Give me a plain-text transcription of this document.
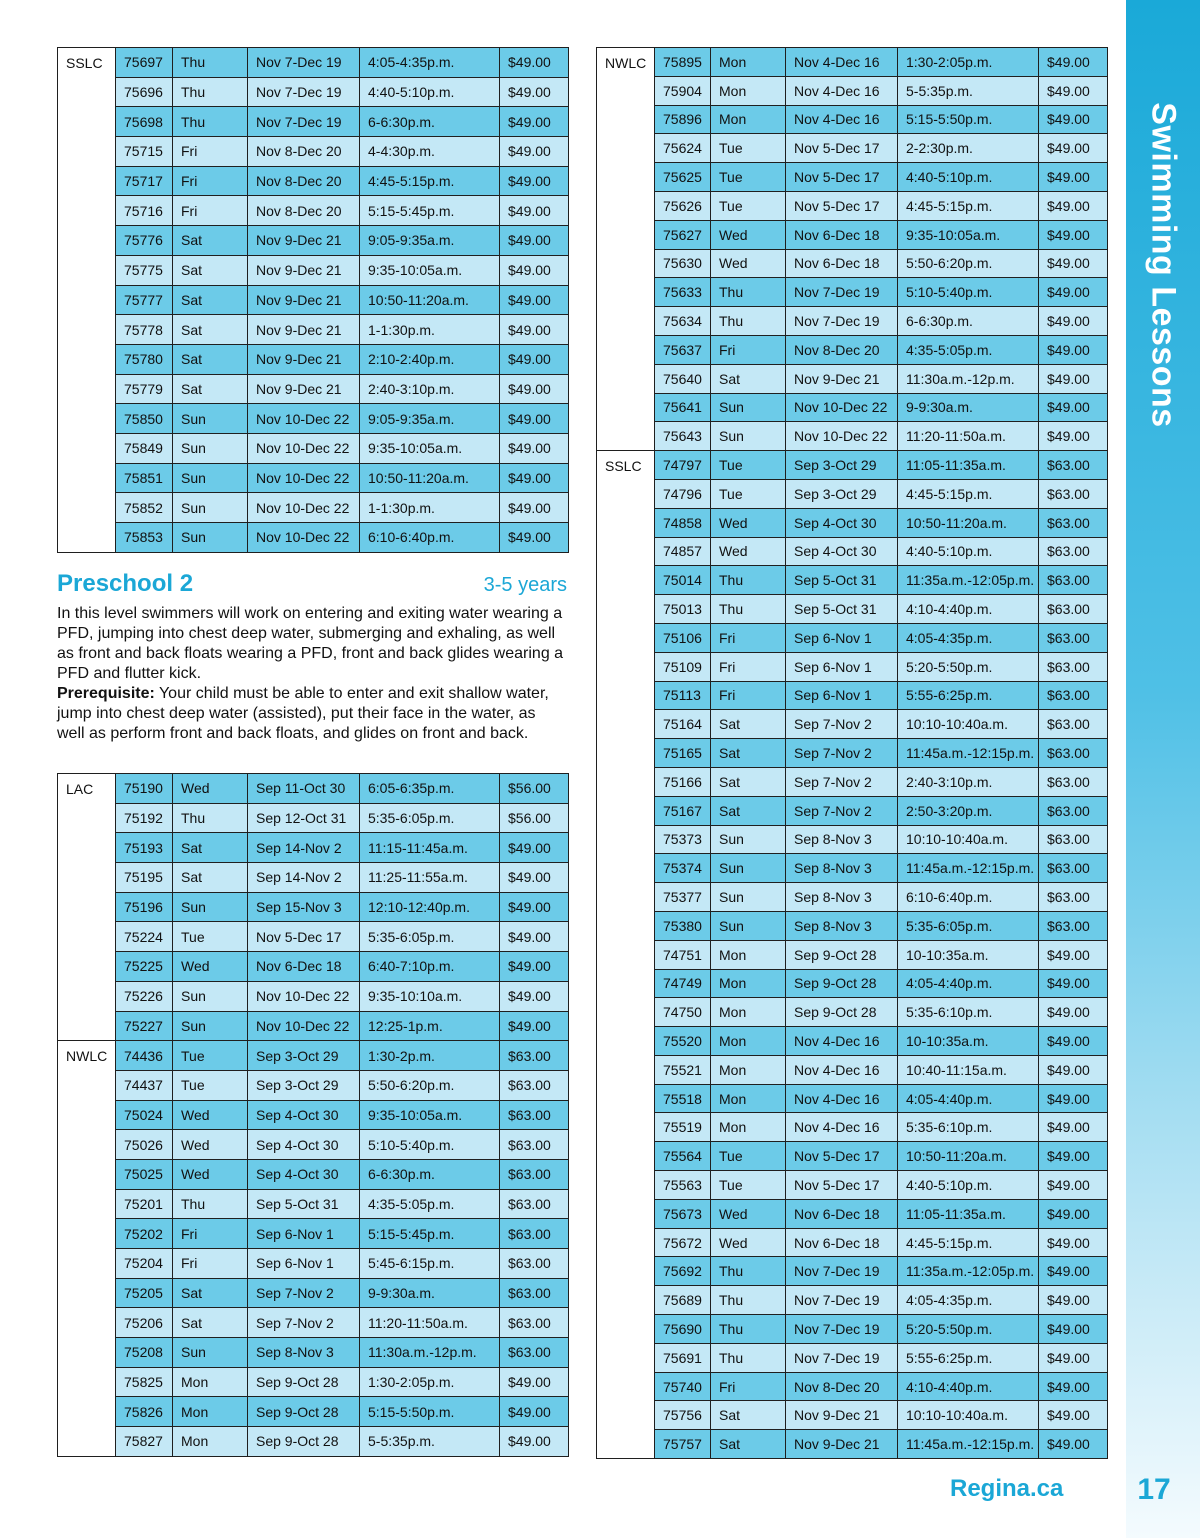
Swimming Lessons
SSLC	75697	Thu	Nov 7-Dec 19	4:05-4:35p.m.	$49.00
	75696	Thu	Nov 7-Dec 19	4:40-5:10p.m.	$49.00
	75698	Thu	Nov 7-Dec 19	6-6:30p.m.	$49.00
	75715	Fri	Nov 8-Dec 20	4-4:30p.m.	$49.00
	75717	Fri	Nov 8-Dec 20	4:45-5:15p.m.	$49.00
	75716	Fri	Nov 8-Dec 20	5:15-5:45p.m.	$49.00
	75776	Sat	Nov 9-Dec 21	9:05-9:35a.m.	$49.00
	75775	Sat	Nov 9-Dec 21	9:35-10:05a.m.	$49.00
	75777	Sat	Nov 9-Dec 21	10:50-11:20a.m.	$49.00
	75778	Sat	Nov 9-Dec 21	1-1:30p.m.	$49.00
	75780	Sat	Nov 9-Dec 21	2:10-2:40p.m.	$49.00
	75779	Sat	Nov 9-Dec 21	2:40-3:10p.m.	$49.00
	75850	Sun	Nov 10-Dec 22	9:05-9:35a.m.	$49.00
	75849	Sun	Nov 10-Dec 22	9:35-10:05a.m.	$49.00
	75851	Sun	Nov 10-Dec 22	10:50-11:20a.m.	$49.00
	75852	Sun	Nov 10-Dec 22	1-1:30p.m.	$49.00
	75853	Sun	Nov 10-Dec 22	6:10-6:40p.m.	$49.00
Preschool 2	3-5 years

In this level swimmers will work on entering and exiting water wearing a PFD, jumping into chest deep water, submerging and exhaling, as well as front and back floats wearing a PFD, front and back glides wearing a PFD and flutter kick.
Prerequisite: Your child must be able to enter and exit shallow water, jump into chest deep water (assisted), put their face in the water, as well as perform front and back floats, and glides on front and back.

LAC	75190	Wed	Sep 11-Oct 30	6:05-6:35p.m.	$56.00
	75192	Thu	Sep 12-Oct 31	5:35-6:05p.m.	$56.00
	75193	Sat	Sep 14-Nov 2	11:15-11:45a.m.	$49.00
	75195	Sat	Sep 14-Nov 2	11:25-11:55a.m.	$49.00
	75196	Sun	Sep 15-Nov 3	12:10-12:40p.m.	$49.00
	75224	Tue	Nov 5-Dec 17	5:35-6:05p.m.	$49.00
	75225	Wed	Nov 6-Dec 18	6:40-7:10p.m.	$49.00
	75226	Sun	Nov 10-Dec 22	9:35-10:10a.m.	$49.00
	75227	Sun	Nov 10-Dec 22	12:25-1p.m.	$49.00
NWLC	74436	Tue	Sep 3-Oct 29	1:30-2p.m.	$63.00
	74437	Tue	Sep 3-Oct 29	5:50-6:20p.m.	$63.00
	75024	Wed	Sep 4-Oct 30	9:35-10:05a.m.	$63.00
	75026	Wed	Sep 4-Oct 30	5:10-5:40p.m.	$63.00
	75025	Wed	Sep 4-Oct 30	6-6:30p.m.	$63.00
	75201	Thu	Sep 5-Oct 31	4:35-5:05p.m.	$63.00
	75202	Fri	Sep 6-Nov 1	5:15-5:45p.m.	$63.00
	75204	Fri	Sep 6-Nov 1	5:45-6:15p.m.	$63.00
	75205	Sat	Sep 7-Nov 2	9-9:30a.m.	$63.00
	75206	Sat	Sep 7-Nov 2	11:20-11:50a.m.	$63.00
	75208	Sun	Sep 8-Nov 3	11:30a.m.-12p.m.	$63.00
	75825	Mon	Sep 9-Oct 28	1:30-2:05p.m.	$49.00
	75826	Mon	Sep 9-Oct 28	5:15-5:50p.m.	$49.00
	75827	Mon	Sep 9-Oct 28	5-5:35p.m.	$49.00
NWLC	75895	Mon	Nov 4-Dec 16	1:30-2:05p.m.	$49.00
	75904	Mon	Nov 4-Dec 16	5-5:35p.m.	$49.00
	75896	Mon	Nov 4-Dec 16	5:15-5:50p.m.	$49.00
	75624	Tue	Nov 5-Dec 17	2-2:30p.m.	$49.00
	75625	Tue	Nov 5-Dec 17	4:40-5:10p.m.	$49.00
	75626	Tue	Nov 5-Dec 17	4:45-5:15p.m.	$49.00
	75627	Wed	Nov 6-Dec 18	9:35-10:05a.m.	$49.00
	75630	Wed	Nov 6-Dec 18	5:50-6:20p.m.	$49.00
	75633	Thu	Nov 7-Dec 19	5:10-5:40p.m.	$49.00
	75634	Thu	Nov 7-Dec 19	6-6:30p.m.	$49.00
	75637	Fri	Nov 8-Dec 20	4:35-5:05p.m.	$49.00
	75640	Sat	Nov 9-Dec 21	11:30a.m.-12p.m.	$49.00
	75641	Sun	Nov 10-Dec 22	9-9:30a.m.	$49.00
	75643	Sun	Nov 10-Dec 22	11:20-11:50a.m.	$49.00
SSLC	74797	Tue	Sep 3-Oct 29	11:05-11:35a.m.	$63.00
	74796	Tue	Sep 3-Oct 29	4:45-5:15p.m.	$63.00
	74858	Wed	Sep 4-Oct 30	10:50-11:20a.m.	$63.00
	74857	Wed	Sep 4-Oct 30	4:40-5:10p.m.	$63.00
	75014	Thu	Sep 5-Oct 31	11:35a.m.-12:05p.m.	$63.00
	75013	Thu	Sep 5-Oct 31	4:10-4:40p.m.	$63.00
	75106	Fri	Sep 6-Nov 1	4:05-4:35p.m.	$63.00
	75109	Fri	Sep 6-Nov 1	5:20-5:50p.m.	$63.00
	75113	Fri	Sep 6-Nov 1	5:55-6:25p.m.	$63.00
	75164	Sat	Sep 7-Nov 2	10:10-10:40a.m.	$63.00
	75165	Sat	Sep 7-Nov 2	11:45a.m.-12:15p.m.	$63.00
	75166	Sat	Sep 7-Nov 2	2:40-3:10p.m.	$63.00
	75167	Sat	Sep 7-Nov 2	2:50-3:20p.m.	$63.00
	75373	Sun	Sep 8-Nov 3	10:10-10:40a.m.	$63.00
	75374	Sun	Sep 8-Nov 3	11:45a.m.-12:15p.m.	$63.00
	75377	Sun	Sep 8-Nov 3	6:10-6:40p.m.	$63.00
	75380	Sun	Sep 8-Nov 3	5:35-6:05p.m.	$63.00
	74751	Mon	Sep 9-Oct 28	10-10:35a.m.	$49.00
	74749	Mon	Sep 9-Oct 28	4:05-4:40p.m.	$49.00
	74750	Mon	Sep 9-Oct 28	5:35-6:10p.m.	$49.00
	75520	Mon	Nov 4-Dec 16	10-10:35a.m.	$49.00
	75521	Mon	Nov 4-Dec 16	10:40-11:15a.m.	$49.00
	75518	Mon	Nov 4-Dec 16	4:05-4:40p.m.	$49.00
	75519	Mon	Nov 4-Dec 16	5:35-6:10p.m.	$49.00
	75564	Tue	Nov 5-Dec 17	10:50-11:20a.m.	$49.00
	75563	Tue	Nov 5-Dec 17	4:40-5:10p.m.	$49.00
	75673	Wed	Nov 6-Dec 18	11:05-11:35a.m.	$49.00
	75672	Wed	Nov 6-Dec 18	4:45-5:15p.m.	$49.00
	75692	Thu	Nov 7-Dec 19	11:35a.m.-12:05p.m.	$49.00
	75689	Thu	Nov 7-Dec 19	4:05-4:35p.m.	$49.00
	75690	Thu	Nov 7-Dec 19	5:20-5:50p.m.	$49.00
	75691	Thu	Nov 7-Dec 19	5:55-6:25p.m.	$49.00
	75740	Fri	Nov 8-Dec 20	4:10-4:40p.m.	$49.00
	75756	Sat	Nov 9-Dec 21	10:10-10:40a.m.	$49.00
	75757	Sat	Nov 9-Dec 21	11:45a.m.-12:15p.m.	$49.00
Regina.ca	17
